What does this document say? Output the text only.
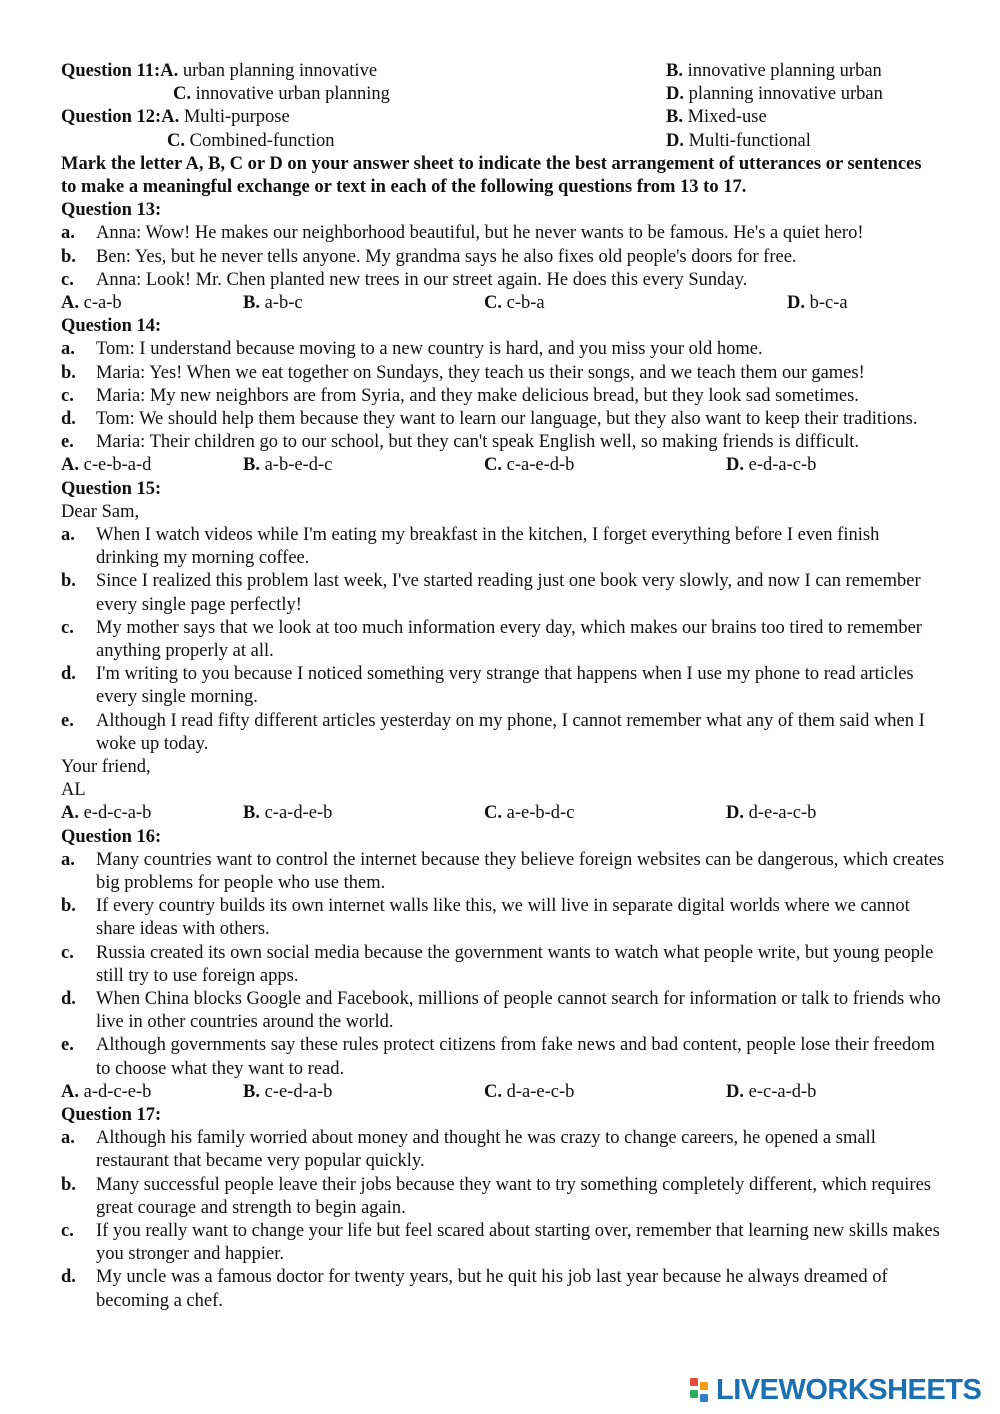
Question 11:A. urban planning innovative	B. innovative planning urban
C. innovative urban planning	D. planning innovative urban
Question 12:A. Multi-purpose	B. Mixed-use
C. Combined-function	D. Multi-functional
Mark the letter A, B, C or D on your answer sheet to indicate the best arrangement of utterances or sentences to make a meaningful exchange or text in each of the following questions from 13 to 17.
Question 13:
a. Anna: Wow! He makes our neighborhood beautiful, but he never wants to be famous. He's a quiet hero!
b. Ben: Yes, but he never tells anyone. My grandma says he also fixes old people's doors for free.
c. Anna: Look! Mr. Chen planted new trees in our street again. He does this every Sunday.
A. c-a-b	B. a-b-c	C. c-b-a	D. b-c-a
Question 14:
a. Tom: I understand because moving to a new country is hard, and you miss your old home.
b. Maria: Yes! When we eat together on Sundays, they teach us their songs, and we teach them our games!
c. Maria: My new neighbors are from Syria, and they make delicious bread, but they look sad sometimes.
d. Tom: We should help them because they want to learn our language, but they also want to keep their traditions.
e. Maria: Their children go to our school, but they can't speak English well, so making friends is difficult.
A. c-e-b-a-d	B. a-b-e-d-c	C. c-a-e-d-b	D. e-d-a-c-b
Question 15:
Dear Sam,
a. When I watch videos while I'm eating my breakfast in the kitchen, I forget everything before I even finish drinking my morning coffee.
b. Since I realized this problem last week, I've started reading just one book very slowly, and now I can remember every single page perfectly!
c. My mother says that we look at too much information every day, which makes our brains too tired to remember anything properly at all.
d. I'm writing to you because I noticed something very strange that happens when I use my phone to read articles every single morning.
e. Although I read fifty different articles yesterday on my phone, I cannot remember what any of them said when I woke up today.
Your friend,
AL
A. e-d-c-a-b	B. c-a-d-e-b	C. a-e-b-d-c	D. d-e-a-c-b
Question 16:
a. Many countries want to control the internet because they believe foreign websites can be dangerous, which creates big problems for people who use them.
b. If every country builds its own internet walls like this, we will live in separate digital worlds where we cannot share ideas with others.
c. Russia created its own social media because the government wants to watch what people write, but young people still try to use foreign apps.
d. When China blocks Google and Facebook, millions of people cannot search for information or talk to friends who live in other countries around the world.
e. Although governments say these rules protect citizens from fake news and bad content, people lose their freedom to choose what they want to read.
A. a-d-c-e-b	B. c-e-d-a-b	C. d-a-e-c-b	D. e-c-a-d-b
Question 17:
a. Although his family worried about money and thought he was crazy to change careers, he opened a small restaurant that became very popular quickly.
b. Many successful people leave their jobs because they want to try something completely different, which requires great courage and strength to begin again.
c. If you really want to change your life but feel scared about starting over, remember that learning new skills makes you stronger and happier.
d. My uncle was a famous doctor for twenty years, but he quit his job last year because he always dreamed of becoming a chef.
LIVEWORKSHEETS
